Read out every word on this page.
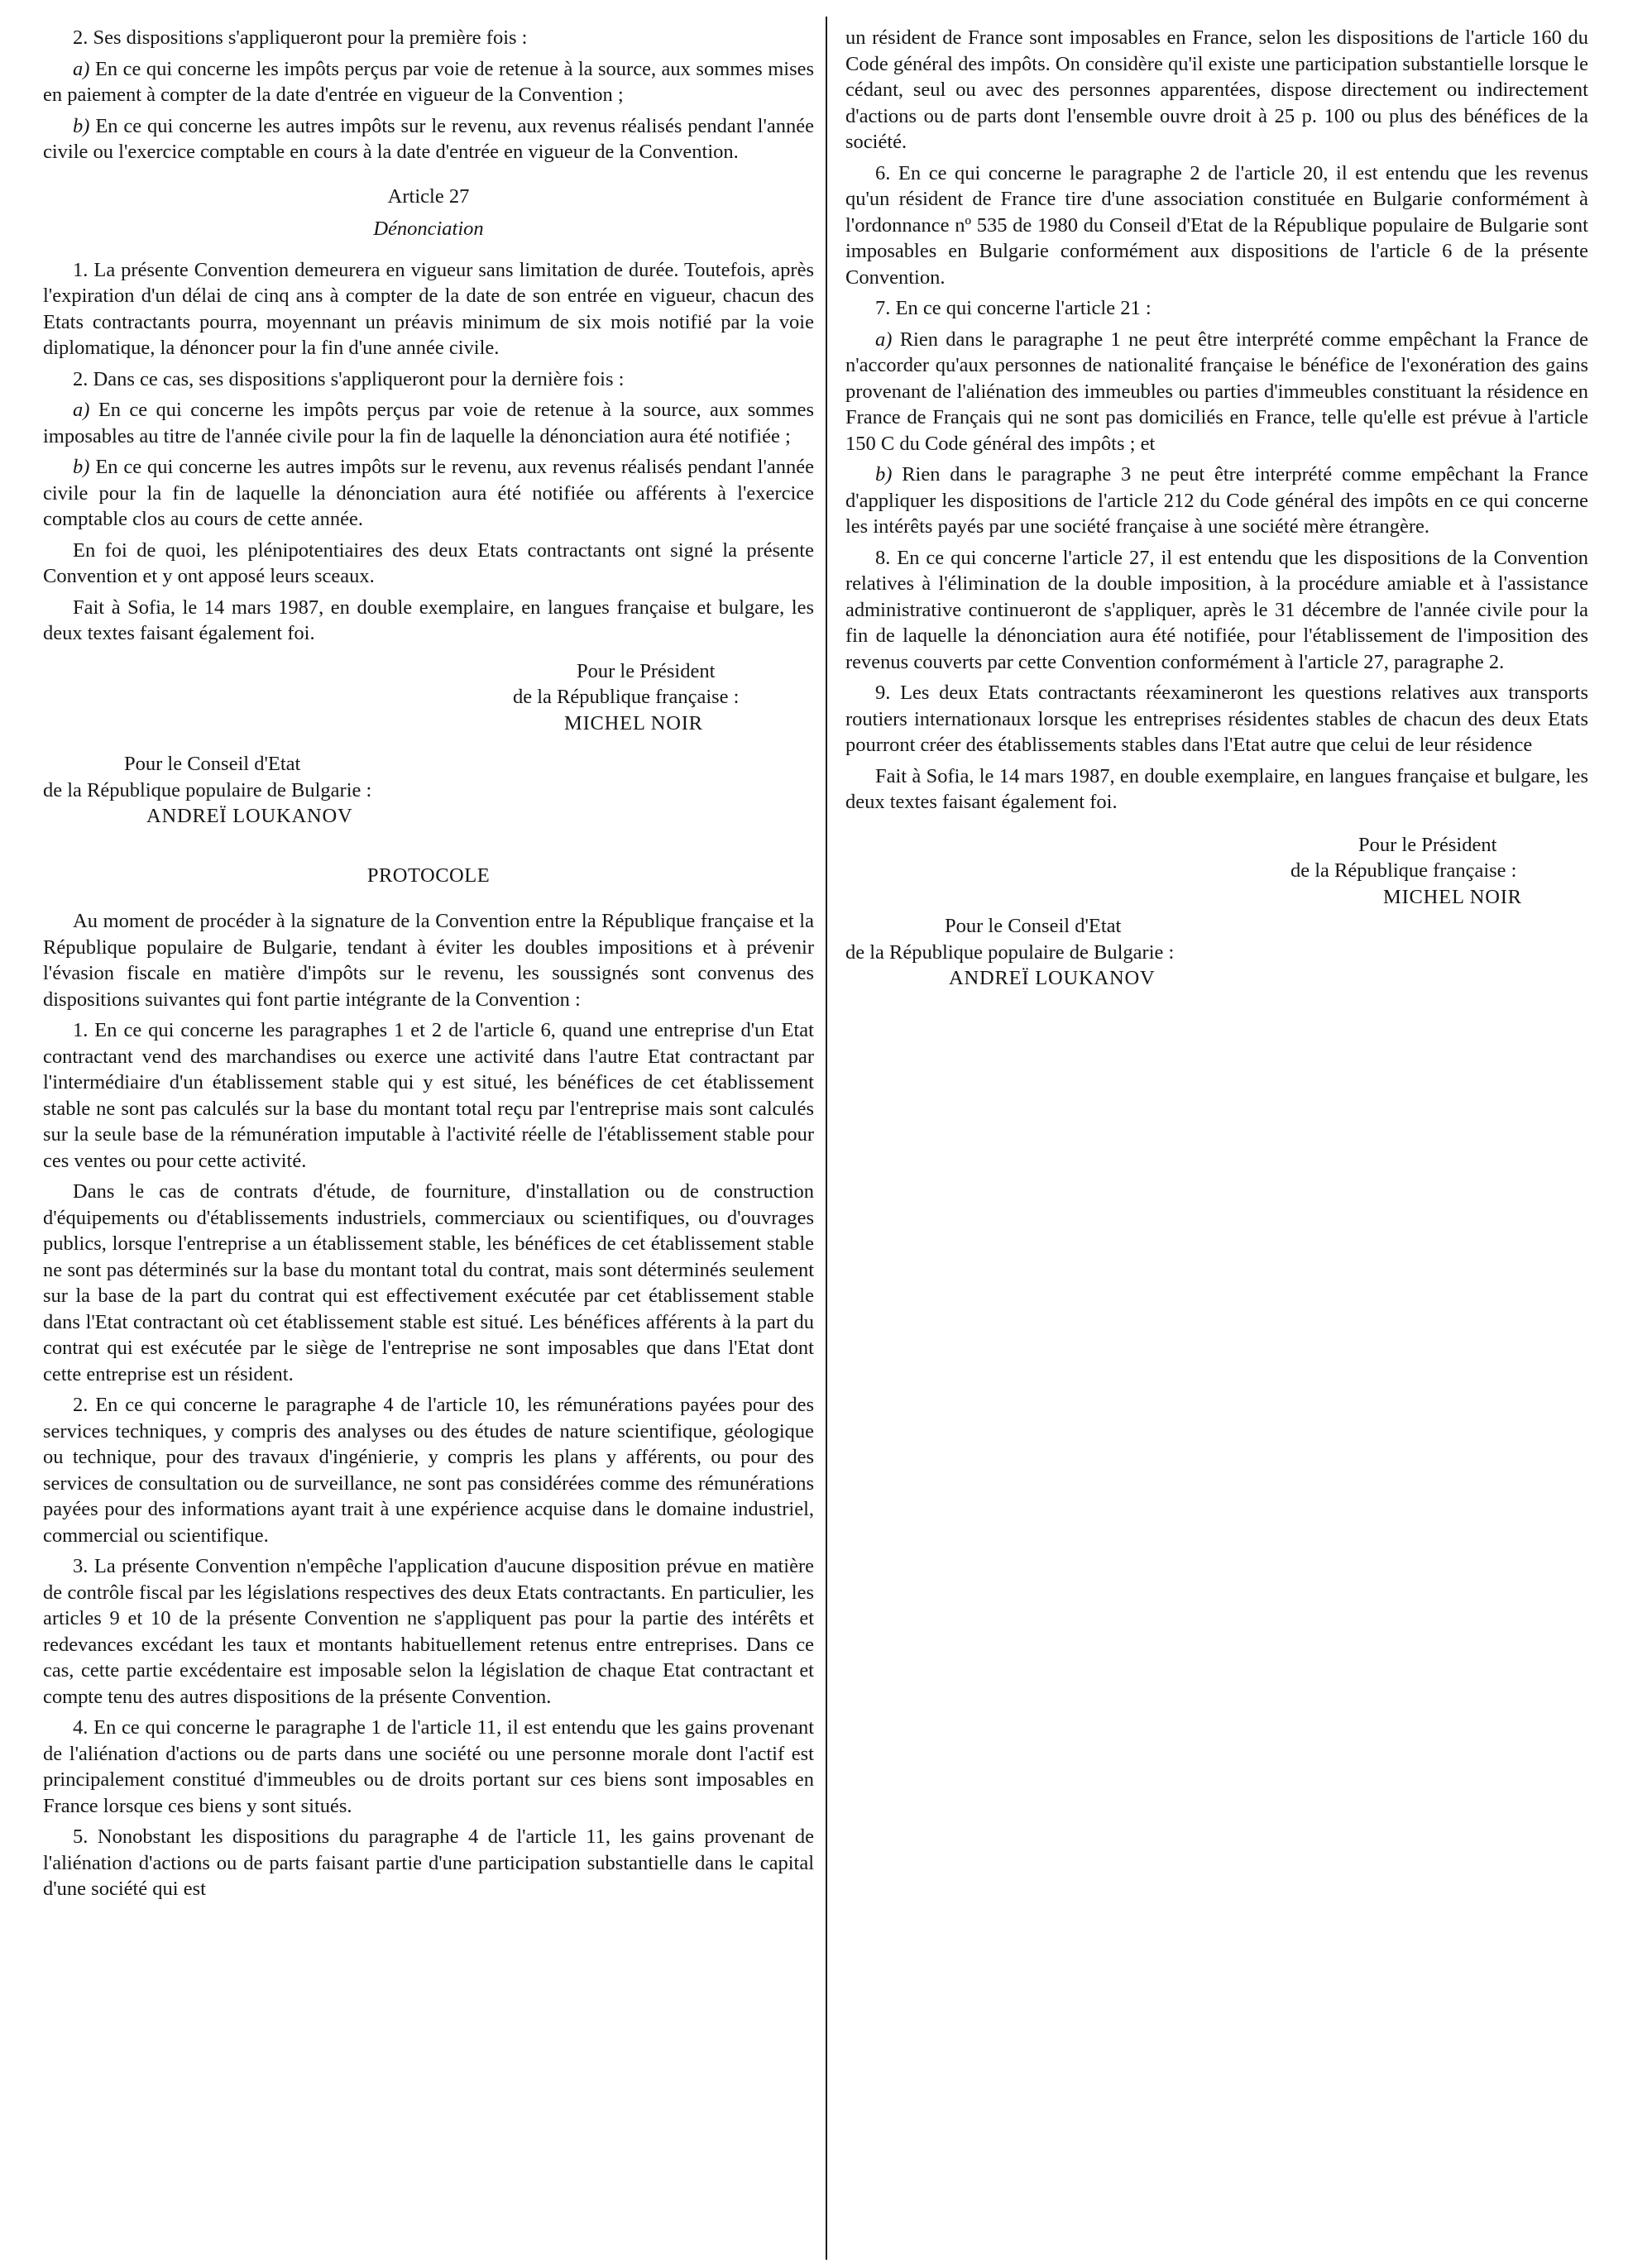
2. Ses dispositions s'appliqueront pour la première fois :

a) En ce qui concerne les impôts perçus par voie de retenue à la source, aux sommes mises en paiement à compter de la date d'entrée en vigueur de la Convention ;

b) En ce qui concerne les autres impôts sur le revenu, aux revenus réalisés pendant l'année civile ou l'exercice comptable en cours à la date d'entrée en vigueur de la Convention.

Article 27

Dénonciation

1. La présente Convention demeurera en vigueur sans limitation de durée. Toutefois, après l'expiration d'un délai de cinq ans à compter de la date de son entrée en vigueur, chacun des Etats contractants pourra, moyennant un préavis minimum de six mois notifié par la voie diplomatique, la dénoncer pour la fin d'une année civile.

2. Dans ce cas, ses dispositions s'appliqueront pour la dernière fois :

a) En ce qui concerne les impôts perçus par voie de retenue à la source, aux sommes imposables au titre de l'année civile pour la fin de laquelle la dénonciation aura été notifiée ;

b) En ce qui concerne les autres impôts sur le revenu, aux revenus réalisés pendant l'année civile pour la fin de laquelle la dénonciation aura été notifiée ou afférents à l'exercice comptable clos au cours de cette année.

En foi de quoi, les plénipotentiaires des deux Etats contractants ont signé la présente Convention et y ont apposé leurs sceaux.

Fait à Sofia, le 14 mars 1987, en double exemplaire, en langues française et bulgare, les deux textes faisant également foi.

Pour le Président
de la République française :
MICHEL NOIR
Pour le Conseil d'Etat
de la République populaire de Bulgarie :
ANDREÏ LOUKANOV

PROTOCOLE

Au moment de procéder à la signature de la Convention entre la République française et la République populaire de Bulgarie, tendant à éviter les doubles impositions et à prévenir l'évasion fiscale en matière d'impôts sur le revenu, les soussignés sont convenus des dispositions suivantes qui font partie intégrante de la Convention :

1. En ce qui concerne les paragraphes 1 et 2 de l'article 6, quand une entreprise d'un Etat contractant vend des marchandises ou exerce une activité dans l'autre Etat contractant par l'intermédiaire d'un établissement stable qui y est situé, les bénéfices de cet établissement stable ne sont pas calculés sur la base du montant total reçu par l'entreprise mais sont calculés sur la seule base de la rémunération imputable à l'activité réelle de l'établissement stable pour ces ventes ou pour cette activité.

Dans le cas de contrats d'étude, de fourniture, d'installation ou de construction d'équipements ou d'établissements industriels, commerciaux ou scientifiques, ou d'ouvrages publics, lorsque l'entreprise a un établissement stable, les bénéfices de cet établissement stable ne sont pas déterminés sur la base du montant total du contrat, mais sont déterminés seulement sur la base de la part du contrat qui est effectivement exécutée par cet établissement stable dans l'Etat contractant où cet établissement stable est situé. Les bénéfices afférents à la part du contrat qui est exécutée par le siège de l'entreprise ne sont imposables que dans l'Etat dont cette entreprise est un résident.

2. En ce qui concerne le paragraphe 4 de l'article 10, les rémunérations payées pour des services techniques, y compris des analyses ou des études de nature scientifique, géologique ou technique, pour des travaux d'ingénierie, y compris les plans y afférents, ou pour des services de consultation ou de surveillance, ne sont pas considérées comme des rémunérations payées pour des informations ayant trait à une expérience acquise dans le domaine industriel, commercial ou scientifique.

3. La présente Convention n'empêche l'application d'aucune disposition prévue en matière de contrôle fiscal par les législations respectives des deux Etats contractants. En particulier, les articles 9 et 10 de la présente Convention ne s'appliquent pas pour la partie des intérêts et redevances excédant les taux et montants habituellement retenus entre entreprises. Dans ce cas, cette partie excédentaire est imposable selon la législation de chaque Etat contractant et compte tenu des autres dispositions de la présente Convention.

4. En ce qui concerne le paragraphe 1 de l'article 11, il est entendu que les gains provenant de l'aliénation d'actions ou de parts dans une société ou une personne morale dont l'actif est principalement constitué d'immeubles ou de droits portant sur ces biens sont imposables en France lorsque ces biens y sont situés.

5. Nonobstant les dispositions du paragraphe 4 de l'article 11, les gains provenant de l'aliénation d'actions ou de parts faisant partie d'une participation substantielle dans le capital d'une société qui est

un résident de France sont imposables en France, selon les dispositions de l'article 160 du Code général des impôts. On considère qu'il existe une participation substantielle lorsque le cédant, seul ou avec des personnes apparentées, dispose directement ou indirectement d'actions ou de parts dont l'ensemble ouvre droit à 25 p. 100 ou plus des bénéfices de la société.

6. En ce qui concerne le paragraphe 2 de l'article 20, il est entendu que les revenus qu'un résident de France tire d'une association constituée en Bulgarie conformément à l'ordonnance nº 535 de 1980 du Conseil d'Etat de la République populaire de Bulgarie sont imposables en Bulgarie conformément aux dispositions de l'article 6 de la présente Convention.

7. En ce qui concerne l'article 21 :

a) Rien dans le paragraphe 1 ne peut être interprété comme empêchant la France de n'accorder qu'aux personnes de nationalité française le bénéfice de l'exonération des gains provenant de l'aliénation des immeubles ou parties d'immeubles constituant la résidence en France de Français qui ne sont pas domiciliés en France, telle qu'elle est prévue à l'article 150 C du Code général des impôts ; et

b) Rien dans le paragraphe 3 ne peut être interprété comme empêchant la France d'appliquer les dispositions de l'article 212 du Code général des impôts en ce qui concerne les intérêts payés par une société française à une société mère étrangère.

8. En ce qui concerne l'article 27, il est entendu que les dispositions de la Convention relatives à l'élimination de la double imposition, à la procédure amiable et à l'assistance administrative continueront de s'appliquer, après le 31 décembre de l'année civile pour la fin de laquelle la dénonciation aura été notifiée, pour l'établissement de l'imposition des revenus couverts par cette Convention conformément à l'article 27, paragraphe 2.

9. Les deux Etats contractants réexamineront les questions relatives aux transports routiers internationaux lorsque les entreprises résidentes stables de chacun des deux Etats pourront créer des établissements stables dans l'Etat autre que celui de leur résidence

Fait à Sofia, le 14 mars 1987, en double exemplaire, en langues française et bulgare, les deux textes faisant également foi.

Pour le Président
de la République française :
MICHEL NOIR
Pour le Conseil d'Etat
de la République populaire de Bulgarie :
ANDREÏ LOUKANOV
